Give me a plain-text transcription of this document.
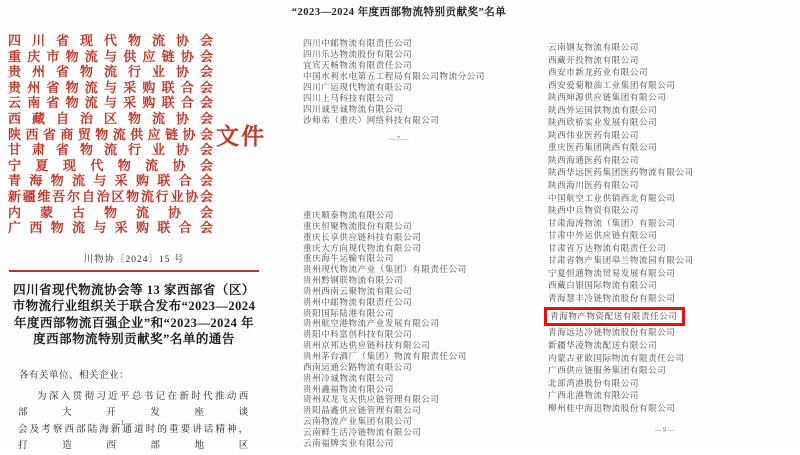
四川省现代物流协会
重庆市物流与供应链协会
贵州省物流行业协会
贵州省物流与采购联合会
云南省物流与采购联合会
西藏自治区物流协会
陕西省商贸物流供应链协会
甘肃省物流行业协会
宁夏现代物流协会
青海物流与采购联合会
新疆维吾尔自治区物流行业协会
内蒙古物流协会
广西物流与采购联合会
文件
川物协〔2024〕15 号
四川省现代物流协会等 13 家西部省（区）
市物流行业组织关于联合发布“2023—2024
年度西部物流百强企业”和“2023—2024 年
度西部物流特别贡献奖”名单的通告
各有关单位、相关企业：
为深入贯彻习近平总书记在新时代推动西部大开发座谈
会及考察西部陆海新通道时的重要讲话精神，打造西部地区
—1—
“2023—2024 年度西部物流特别贡献奖”名单
四川中邮物流有限责任公司
四川乐达物流股份有限公司
宜宾天畅物流有限责任公司
中国水利水电第五工程局有限公司物流分公司
四川广运现代物流有限公司
四川上马科技有限公司
四川诚至诚物流有限公司
沙师弟（重庆）网络科技有限公司
—7—
重庆顺泰物流有限公司
重庆恒聚物流股份有限公司
重庆长享供应链科技有限公司
重庆大方向现代物流有限公司
重庆海牛运输有限公司
贵州现代物流产业（集团）有限责任公司
贵州黔钢联物流有限公司
贵州西南云聚物流有限公司
贵州中邮物流有限责任公司
贵阳国际陆港有限公司
贵州航空港物流产业发展有限公司
贵阳中科富创科技有限公司
贵州京邦达供应链科技有限公司
贵州茅台酒厂（集团）物流有限责任公司
西南运通公路物流有限公司
贵州冷诚物流有限公司
贵州鑫福物流有限公司
贵州双龙飞天供应链管理有限公司
贵阳晶鑫供应链管理有限公司
云南物流产业集团有限公司
云南鲜生活冷链物流有限公司
云南福牌实业有限公司
云南钢友物流有限公司
西藏开投物流有限公司
西安市新龙药业有限公司
西安爱菊粮油工业集团有限公司
陕西坤源供应链集团有限公司
陕西外运国铁物流有限公司
陕西欣桥实业发展有限公司
陕西伟业医药有限公司
重庆医药集团陕西有限公司
陕西海通医药有限公司
陕西华远医药集团医药物流有限公司
陕西海川医药有限公司
中国航空工业供销西北有限公司
陕西中兵物资有限公司
甘肃海涛物流（集团）有限公司
甘肃中外运供应链有限公司
甘肃省万达物流有限责任公司
甘肃省物产集团皋兰物流园有限公司
宁夏恒通物流贸易发展有限公司
西藏白银国际物流有限公司
青海慧丰冷链物流股份有限公司
青海物产物资配送有限责任公司
青海远达冷链物流股份有限公司
新疆华凌物流配送有限公司
内蒙古亚欧国际物流有限责任公司
广西供应链服务集团有限公司
北部湾港股份有限公司
广西北港物流有限公司
柳州桂中海迅物流股份有限公司
—9—
